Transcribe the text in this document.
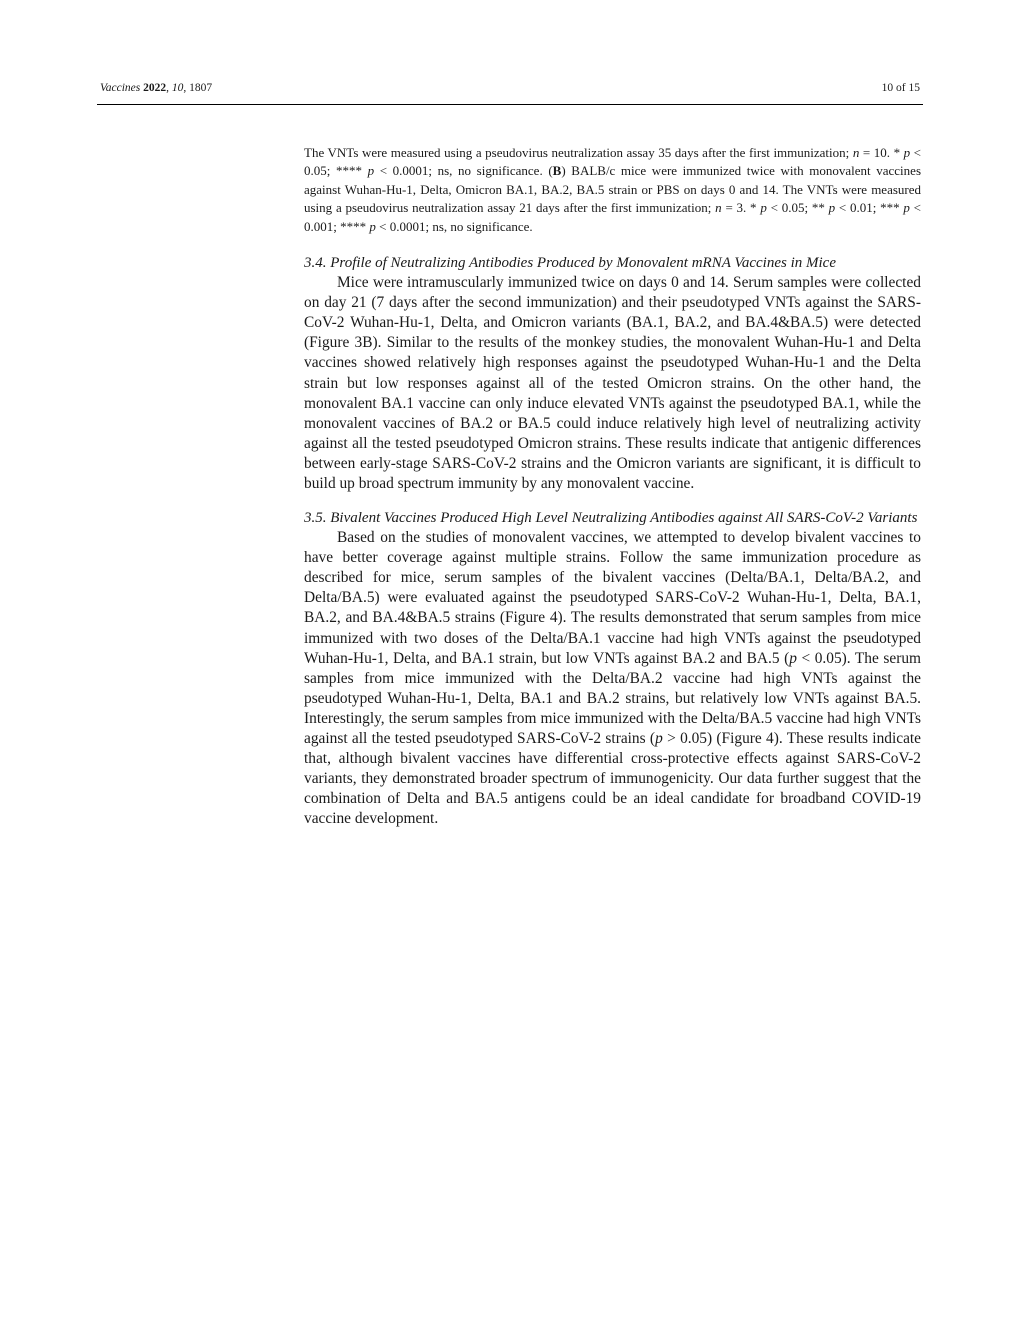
Vaccines 2022, 10, 1807	10 of 15

The VNTs were measured using a pseudovirus neutralization assay 35 days after the first immunization; n = 10. * p < 0.05; **** p < 0.0001; ns, no significance. (B) BALB/c mice were immunized twice with monovalent vaccines against Wuhan-Hu-1, Delta, Omicron BA.1, BA.2, BA.5 strain or PBS on days 0 and 14. The VNTs were measured using a pseudovirus neutralization assay 21 days after the first immunization; n = 3. * p < 0.05; ** p < 0.01; *** p < 0.001; **** p < 0.0001; ns, no significance.

3.4. Profile of Neutralizing Antibodies Produced by Monovalent mRNA Vaccines in Mice

Mice were intramuscularly immunized twice on days 0 and 14. Serum samples were collected on day 21 (7 days after the second immunization) and their pseudotyped VNTs against the SARS-CoV-2 Wuhan-Hu-1, Delta, and Omicron variants (BA.1, BA.2, and BA.4&BA.5) were detected (Figure 3B). Similar to the results of the monkey studies, the monovalent Wuhan-Hu-1 and Delta vaccines showed relatively high responses against the pseudotyped Wuhan-Hu-1 and the Delta strain but low responses against all of the tested Omicron strains. On the other hand, the monovalent BA.1 vaccine can only induce elevated VNTs against the pseudotyped BA.1, while the monovalent vaccines of BA.2 or BA.5 could induce relatively high level of neutralizing activity against all the tested pseudotyped Omicron strains. These results indicate that antigenic differences between early-stage SARS-CoV-2 strains and the Omicron variants are significant, it is difficult to build up broad spectrum immunity by any monovalent vaccine.

3.5. Bivalent Vaccines Produced High Level Neutralizing Antibodies against All SARS-CoV-2 Variants

Based on the studies of monovalent vaccines, we attempted to develop bivalent vaccines to have better coverage against multiple strains. Follow the same immunization procedure as described for mice, serum samples of the bivalent vaccines (Delta/BA.1, Delta/BA.2, and Delta/BA.5) were evaluated against the pseudotyped SARS-CoV-2 Wuhan-Hu-1, Delta, BA.1, BA.2, and BA.4&BA.5 strains (Figure 4). The results demonstrated that serum samples from mice immunized with two doses of the Delta/BA.1 vaccine had high VNTs against the pseudotyped Wuhan-Hu-1, Delta, and BA.1 strain, but low VNTs against BA.2 and BA.5 (p < 0.05). The serum samples from mice immunized with the Delta/BA.2 vaccine had high VNTs against the pseudotyped Wuhan-Hu-1, Delta, BA.1 and BA.2 strains, but relatively low VNTs against BA.5. Interestingly, the serum samples from mice immunized with the Delta/BA.5 vaccine had high VNTs against all the tested pseudotyped SARS-CoV-2 strains (p > 0.05) (Figure 4). These results indicate that, although bivalent vaccines have differential cross-protective effects against SARS-CoV-2 variants, they demonstrated broader spectrum of immunogenicity. Our data further suggest that the combination of Delta and BA.5 antigens could be an ideal candidate for broadband COVID-19 vaccine development.
